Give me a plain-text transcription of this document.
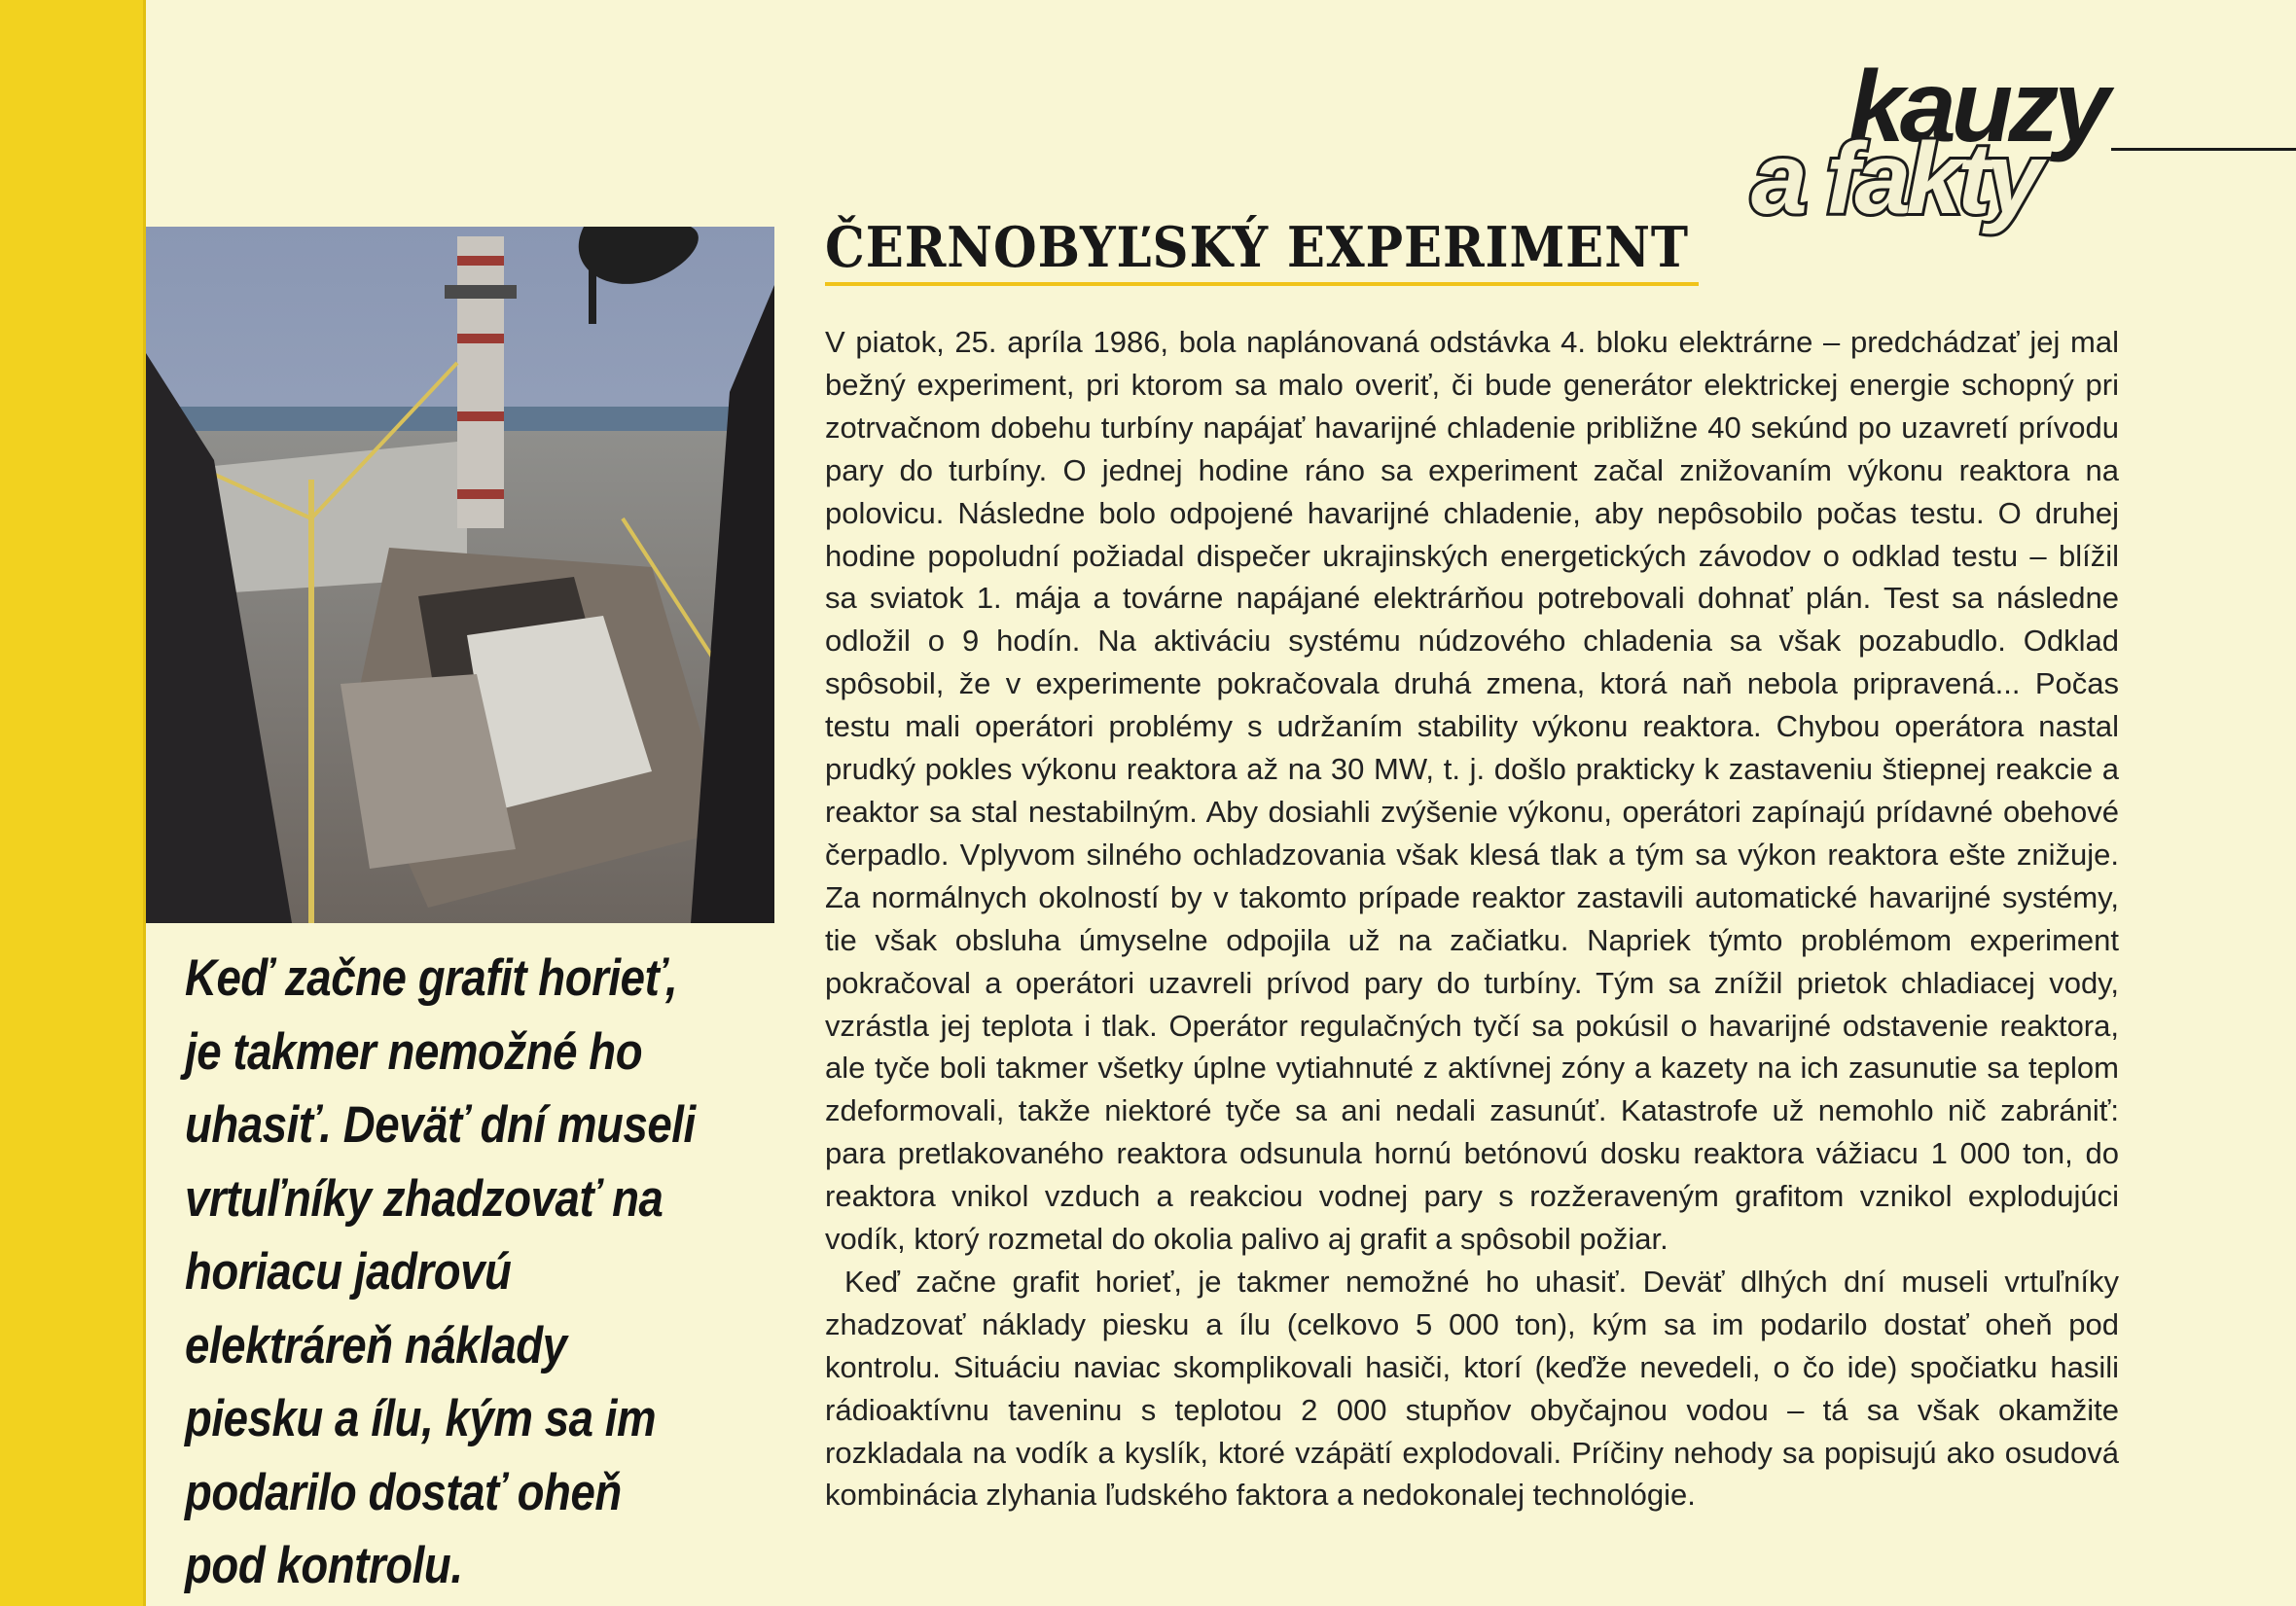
kauzy
a fakty

Keď začne grafit horieť, je takmer nemožné ho uhasiť. Deväť dní museli vrtuľníky zhadzovať na horiacu jadrovú elektráreň náklady piesku a ílu, kým sa im podarilo dostať oheň pod kontrolu.

ČERNOBYĽSKÝ EXPERIMENT

V piatok, 25. apríla 1986, bola naplánovaná odstávka 4. bloku elektrárne – predchádzať jej mal bežný experiment, pri ktorom sa malo overiť, či bude generátor elektrickej energie schopný pri zotrvačnom dobehu turbíny napájať havarijné chladenie približne 40 sekúnd po uzavretí prívodu pary do turbíny. O jednej hodine ráno sa experiment začal znižovaním výkonu reaktora na polovicu. Následne bolo odpojené havarijné chladenie, aby nepôsobilo počas testu. O druhej hodine popoludní požiadal dispečer ukrajinských energetických závodov o odklad testu – blížil sa sviatok 1. mája a továrne napájané elektrárňou potrebovali dohnať plán. Test sa následne odložil o 9 hodín. Na aktiváciu systému núdzového chladenia sa však pozabudlo. Odklad spôsobil, že v experimente pokračovala druhá zmena, ktorá naň nebola pripravená... Počas testu mali operátori problémy s udržaním stability výkonu reaktora. Chybou operátora nastal prudký pokles výkonu reaktora až na 30 MW, t. j. došlo prakticky k zastaveniu štiepnej reakcie a reaktor sa stal nestabilným. Aby dosiahli zvýšenie výkonu, operátori zapínajú prídavné obehové čerpadlo. Vplyvom silného ochladzovania však klesá tlak a tým sa výkon reaktora ešte znižuje. Za normálnych okolností by v takomto prípade reaktor zastavili automatické havarijné systémy, tie však obsluha úmyselne odpojila už na začiatku. Napriek týmto problémom experiment pokračoval a operátori uzavreli prívod pary do turbíny. Tým sa znížil prietok chladiacej vody, vzrástla jej teplota i tlak. Operátor regulačných tyčí sa pokúsil o havarijné odstavenie reaktora, ale tyče boli takmer všetky úplne vytiahnuté z aktívnej zóny a kazety na ich zasunutie sa teplom zdeformovali, takže niektoré tyče sa ani nedali zasunúť. Katastrofe už nemohlo nič zabrániť: para pretlakovaného reaktora odsunula hornú betónovú dosku reaktora vážiacu 1 000 ton, do reaktora vnikol vzduch a reakciou vodnej pary s rozžeraveným grafitom vznikol explodujúci vodík, ktorý rozmetal do okolia palivo aj grafit a spôsobil požiar.

Keď začne grafit horieť, je takmer nemožné ho uhasiť. Deväť dlhých dní museli vrtuľníky zhadzovať náklady piesku a ílu (celkovo 5 000 ton), kým sa im podarilo dostať oheň pod kontrolu. Situáciu naviac skomplikovali hasiči, ktorí (keďže nevedeli, o čo ide) spočiatku hasili rádioaktívnu taveninu s teplotou 2 000 stupňov obyčajnou vodou – tá sa však okamžite rozkladala na vodík a kyslík, ktoré vzápätí explodovali. Príčiny nehody sa popisujú ako osudová kombinácia zlyhania ľudského faktora a nedokonalej technológie.
